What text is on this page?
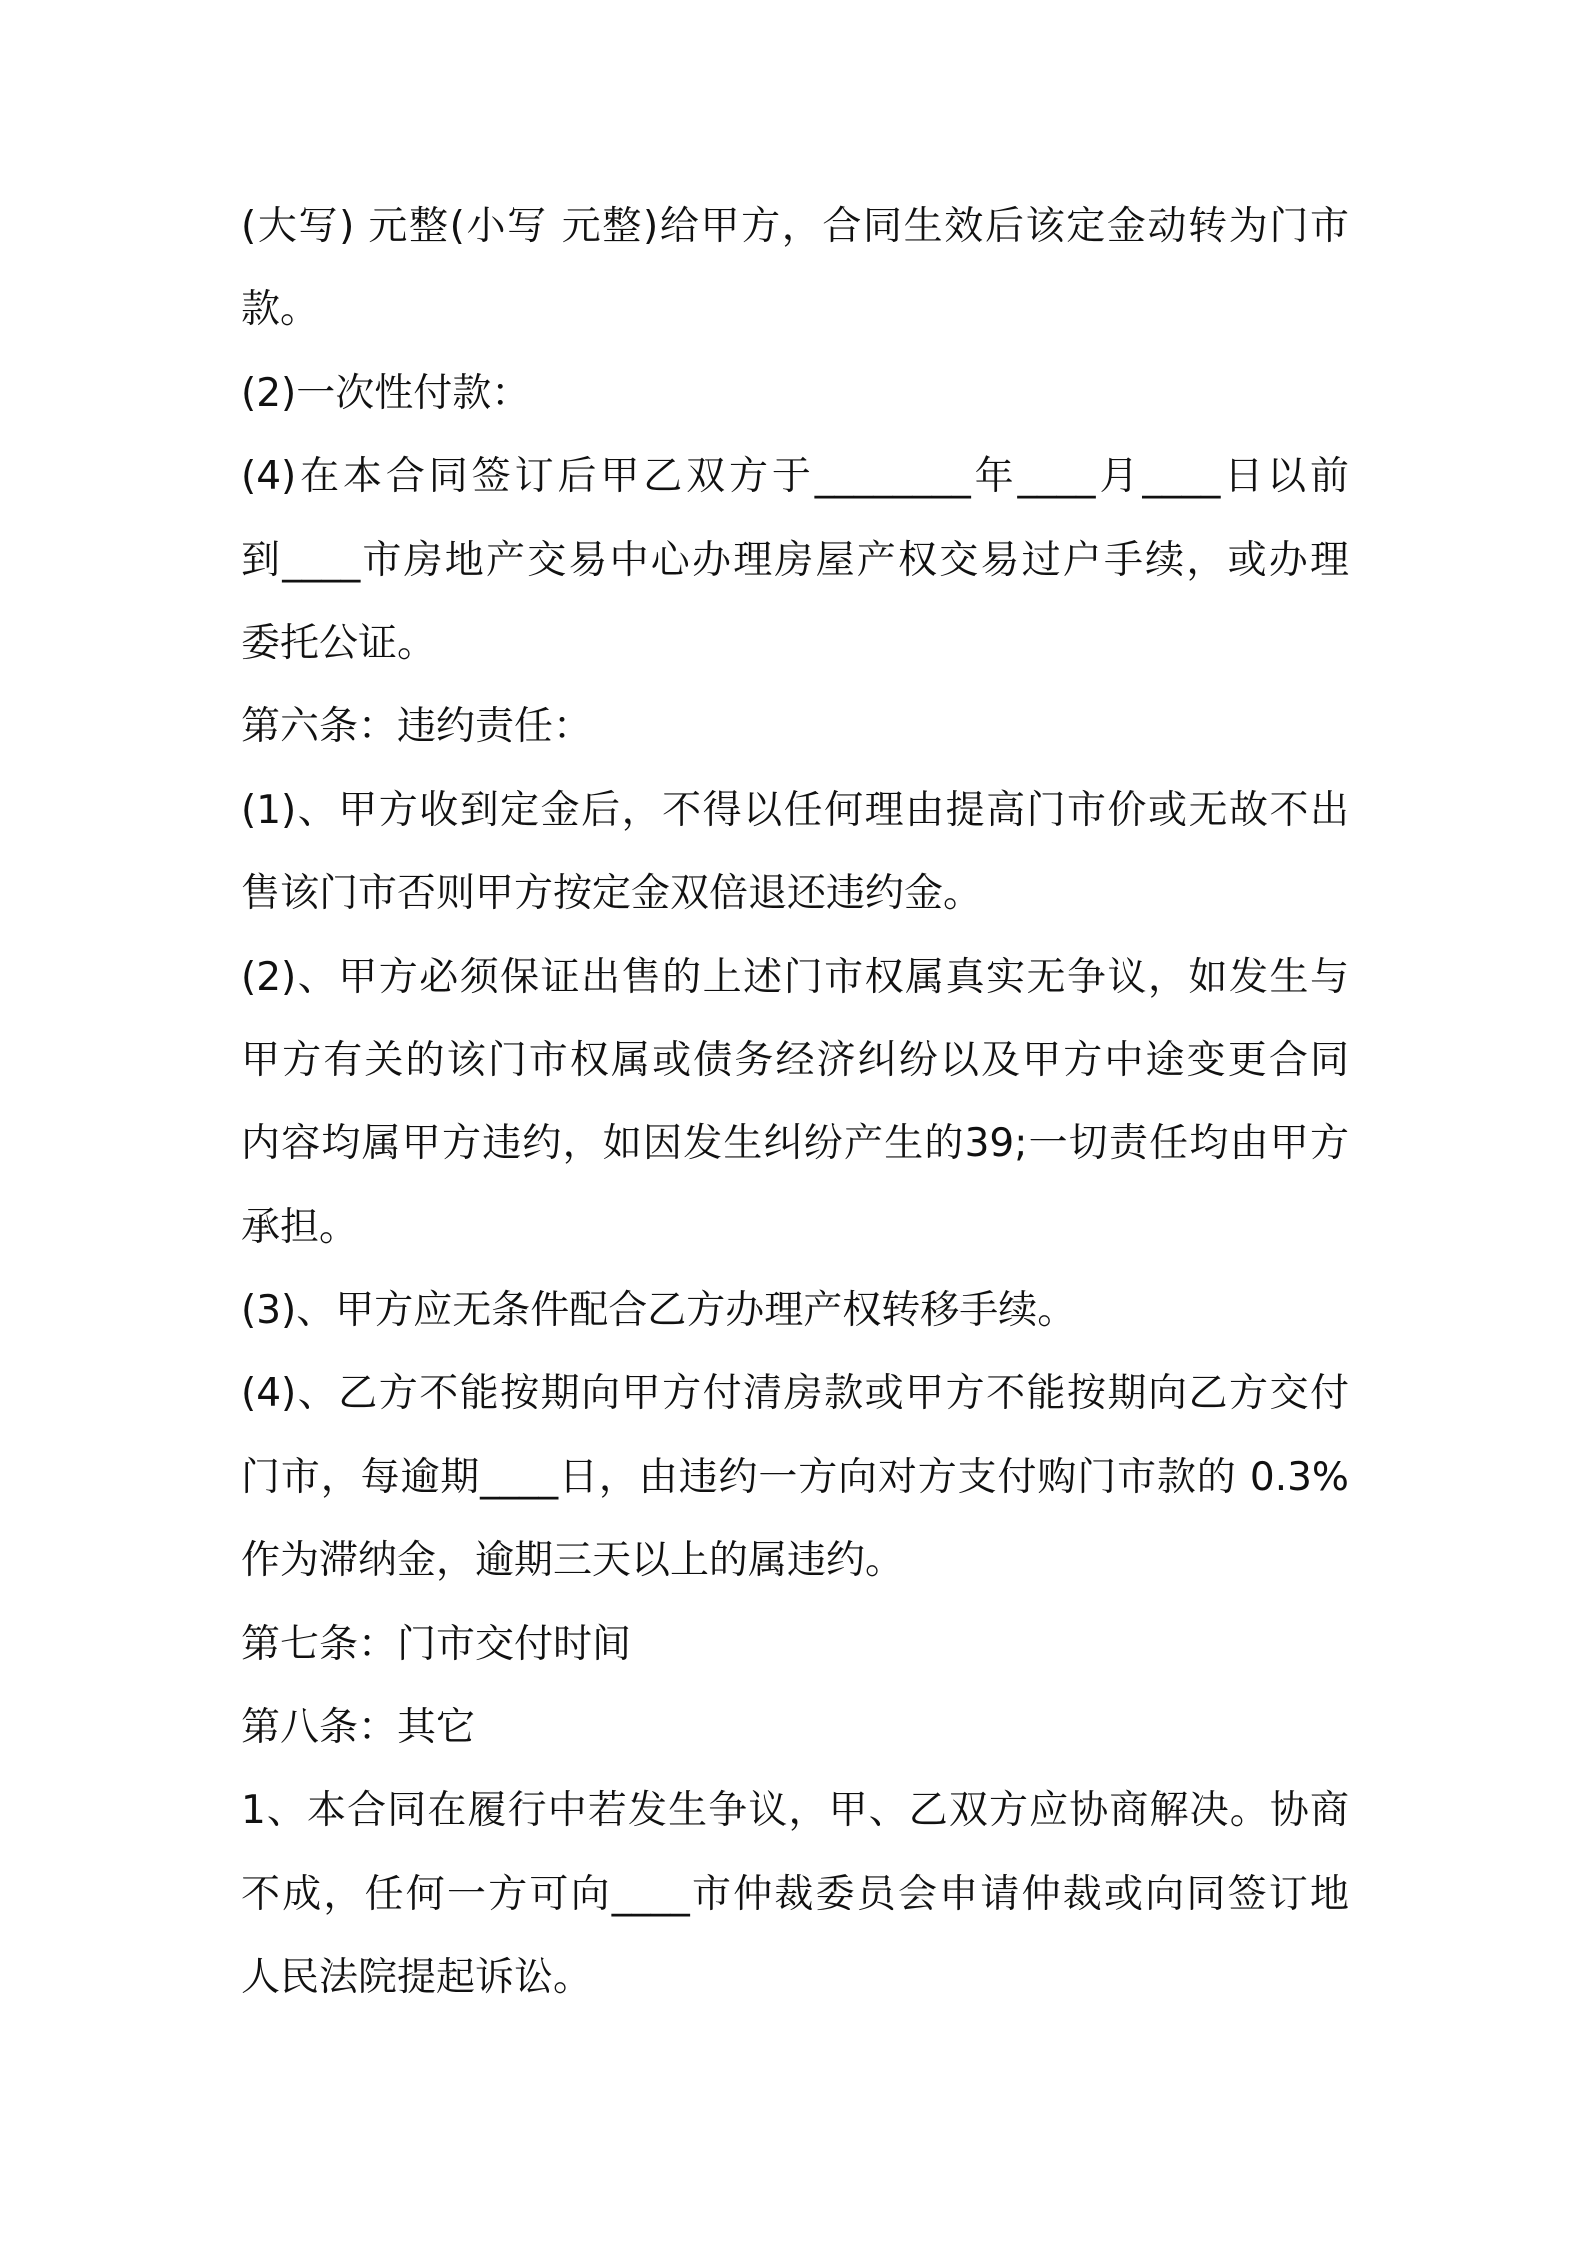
(大写) 元整(小写 元整)给甲方，合同生效后该定金动转为门市
款。
(2)一次性付款：
(4)在本合同签订后甲乙双方于________年____月____日以前
到____市房地产交易中心办理房屋产权交易过户手续，或办理
委托公证。
第六条：违约责任：
(1)、甲方收到定金后，不得以任何理由提高门市价或无故不出
售该门市否则甲方按定金双倍退还违约金。
(2)、甲方必须保证出售的上述门市权属真实无争议，如发生与
甲方有关的该门市权属或债务经济纠纷以及甲方中途变更合同
内容均属甲方违约，如因发生纠纷产生的39;一切责任均由甲方
承担。
(3)、甲方应无条件配合乙方办理产权转移手续。
(4)、乙方不能按期向甲方付清房款或甲方不能按期向乙方交付
门市，每逾期____日，由违约一方向对方支付购门市款的 0.3%
作为滞纳金，逾期三天以上的属违约。
第七条：门市交付时间
第八条：其它
1、本合同在履行中若发生争议，甲、乙双方应协商解决。协商
不成，任何一方可向____市仲裁委员会申请仲裁或向同签订地
人民法院提起诉讼。
